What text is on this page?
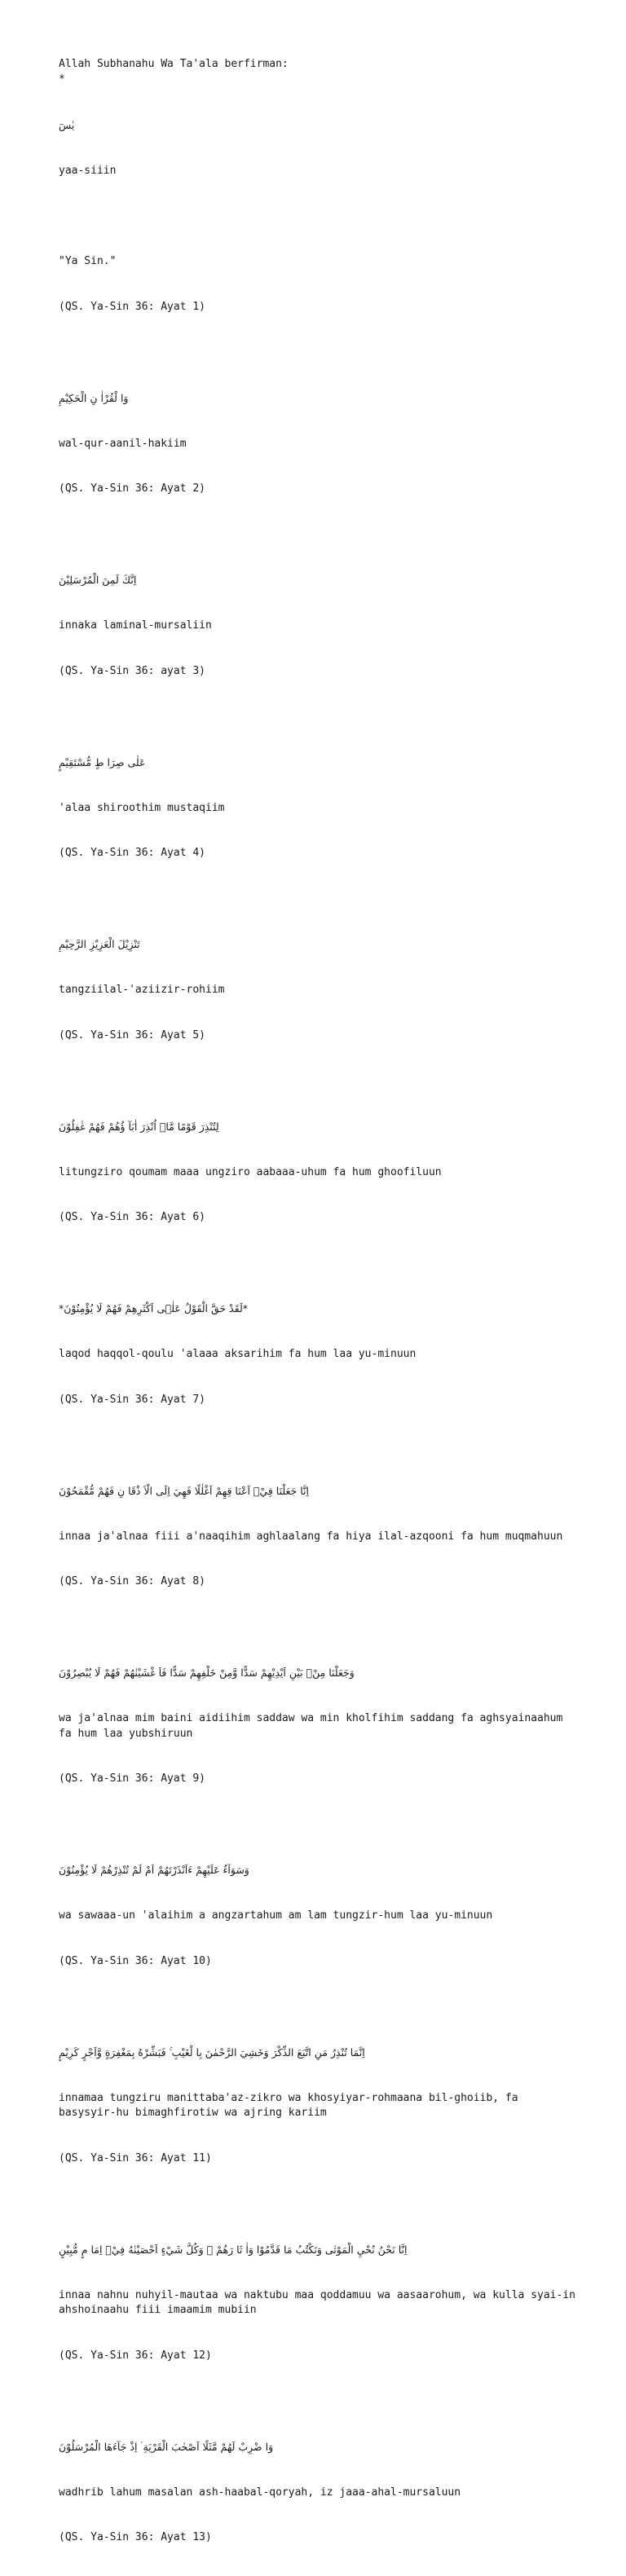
Allah Subhanahu Wa Ta'ala berfirman:
*

يٰسٓ

yaa-siiin

"Ya Sin."

(QS. Ya-Sin 36: Ayat 1)

وَا لْقُرْاٰ نِ الْحَكِيْمِ

wal-qur-aanil-hakiim

(QS. Ya-Sin 36: Ayat 2)

اِنَّكَ لَمِنَ الْمُرْسَلِيْنَ

innaka laminal-mursaliin

(QS. Ya-Sin 36: ayat 3)

عَلٰى صِرَا طٍ مُّسْتَقِيْمٍ

'alaa shiroothim mustaqiim

(QS. Ya-Sin 36: Ayat 4)

تَنْزِيْلَ الْعَزِيْزِ الرَّحِيْمِ

tangziilal-'aziizir-rohiim

(QS. Ya-Sin 36: Ayat 5)

لِتُنْذِرَ قَوْمًا مَّاۤ اُنْذِرَ اٰبَآ ؤُهُمْ فَهُمْ غٰفِلُوْنَ

litungziro qoumam maaa ungziro aabaaa-uhum fa hum ghoofiluun

(QS. Ya-Sin 36: Ayat 6)

*لَقَدْ حَقَّ الْقَوْلُ عَلٰۤى اَكْثَرِهِمْ فَهُمْ لَا يُؤْمِنُوْنَ*

laqod haqqol-qoulu 'alaaa aksarihim fa hum laa yu-minuun

(QS. Ya-Sin 36: Ayat 7)

اِنَّا جَعَلْنَا فِيْۤ اَعْنَا قِهِمْ اَغْلٰلًا فَهِيَ اِلَى الْاَ ذْقَا نِ فَهُمْ مُّقْمَحُوْنَ

innaa ja'alnaa fiii a'naaqihim aghlaalang fa hiya ilal-azqooni fa hum muqmahuun

(QS. Ya-Sin 36: Ayat 8)

وَجَعَلْنَا مِنْۢ بَيْنِ اَيْدِيْهِمْ سَدًّا وَّمِنْ خَلْفِهِمْ سَدًّا فَاَ غْشَيْنٰهُمْ فَهُمْ لَا يُبْصِرُوْنَ

wa ja'alnaa mim baini aidiihim saddaw wa min kholfihim saddang fa aghsyainaahum fa hum laa yubshiruun

(QS. Ya-Sin 36: Ayat 9)

وَسَوَآءٌ عَلَيْهِمْ ءَاَنْذَرْتَهُمْ اَمْ لَمْ تُنْذِرْهُمْ لَا يُؤْمِنُوْنَ

wa sawaaa-un 'alaihim a angzartahum am lam tungzir-hum laa yu-minuun

(QS. Ya-Sin 36: Ayat 10)

اِنَّمَا تُنْذِرُ مَنِ اتَّبَعَ الذِّكْرَ وَخَشِيَ الرَّحْمٰنَ بِا لْغَيْبِ ۚ فَبَشِّرْهُ بِمَغْفِرَةٍ وَّاَجْرٍ كَرِيْمٍ

innamaa tungziru manittaba'az-zikro wa khosyiyar-rohmaana bil-ghoiib, fa basysyir-hu bimaghfirotiw wa ajring kariim

(QS. Ya-Sin 36: Ayat 11)

اِنَّا نَحْنُ نُحْيِ الْمَوْتٰى وَنَكْتُبُ مَا قَدَّمُوْا وَاٰ ثَا رَهُمْ ۗ وَكُلَّ شَيْءٍ اَحْصَيْنٰهُ فِيْۤ اِمَا مٍ مُّبِيْنٍ

innaa nahnu nuhyil-mautaa wa naktubu maa qoddamuu wa aasaarohum, wa kulla syai-in ahshoinaahu fiii imaamim mubiin

(QS. Ya-Sin 36: Ayat 12)

وَا ضْرِبْ لَهُمْ مَّثَلًا اَصْحٰبَ الْقَرْيَةِ ۘ اِذْ جَآءَهَا الْمُرْسَلُوْنَ

wadhrib lahum masalan ash-haabal-qoryah, iz jaaa-ahal-mursaluun

(QS. Ya-Sin 36: Ayat 13)
